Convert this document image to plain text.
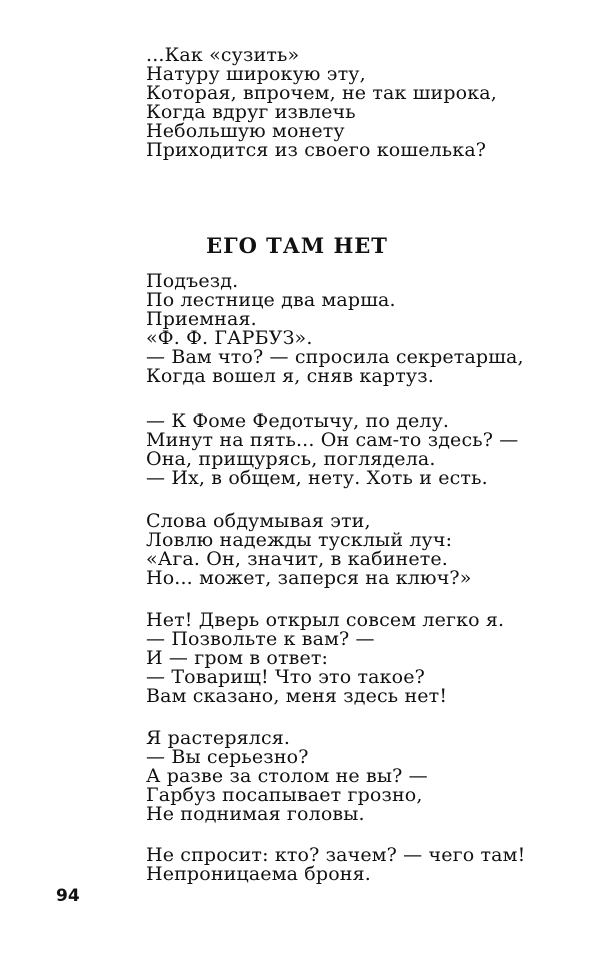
...Как «сузить»
Натуру широкую эту,
Которая, впрочем, не так широка,
Когда вдруг извлечь
Небольшую монету
Приходится из своего кошелька?
ЕГО ТАМ НЕТ
Подъезд.
По лестнице два марша.
Приемная.
«Ф. Ф. ГАРБУЗ».
— Вам что? — спросила секретарша,
Когда вошел я, сняв картуз.
— К Фоме Федотычу, по делу.
Минут на пять... Он сам-то здесь? —
Она, прищурясь, поглядела.
— Их, в общем, нету. Хоть и есть.
Слова обдумывая эти,
Ловлю надежды тусклый луч:
«Ага. Он, значит, в кабинете.
Но... может, заперся на ключ?»
Нет! Дверь открыл совсем легко я.
— Позвольте к вам? —
И — гром в ответ:
— Товарищ! Что это такое?
Вам сказано, меня здесь нет!
Я растерялся.
— Вы серьезно?
А разве за столом не вы? —
Гарбуз посапывает грозно,
Не поднимая головы.
Не спросит: кто? зачем? — чего там!
Непроницаема броня.
94
